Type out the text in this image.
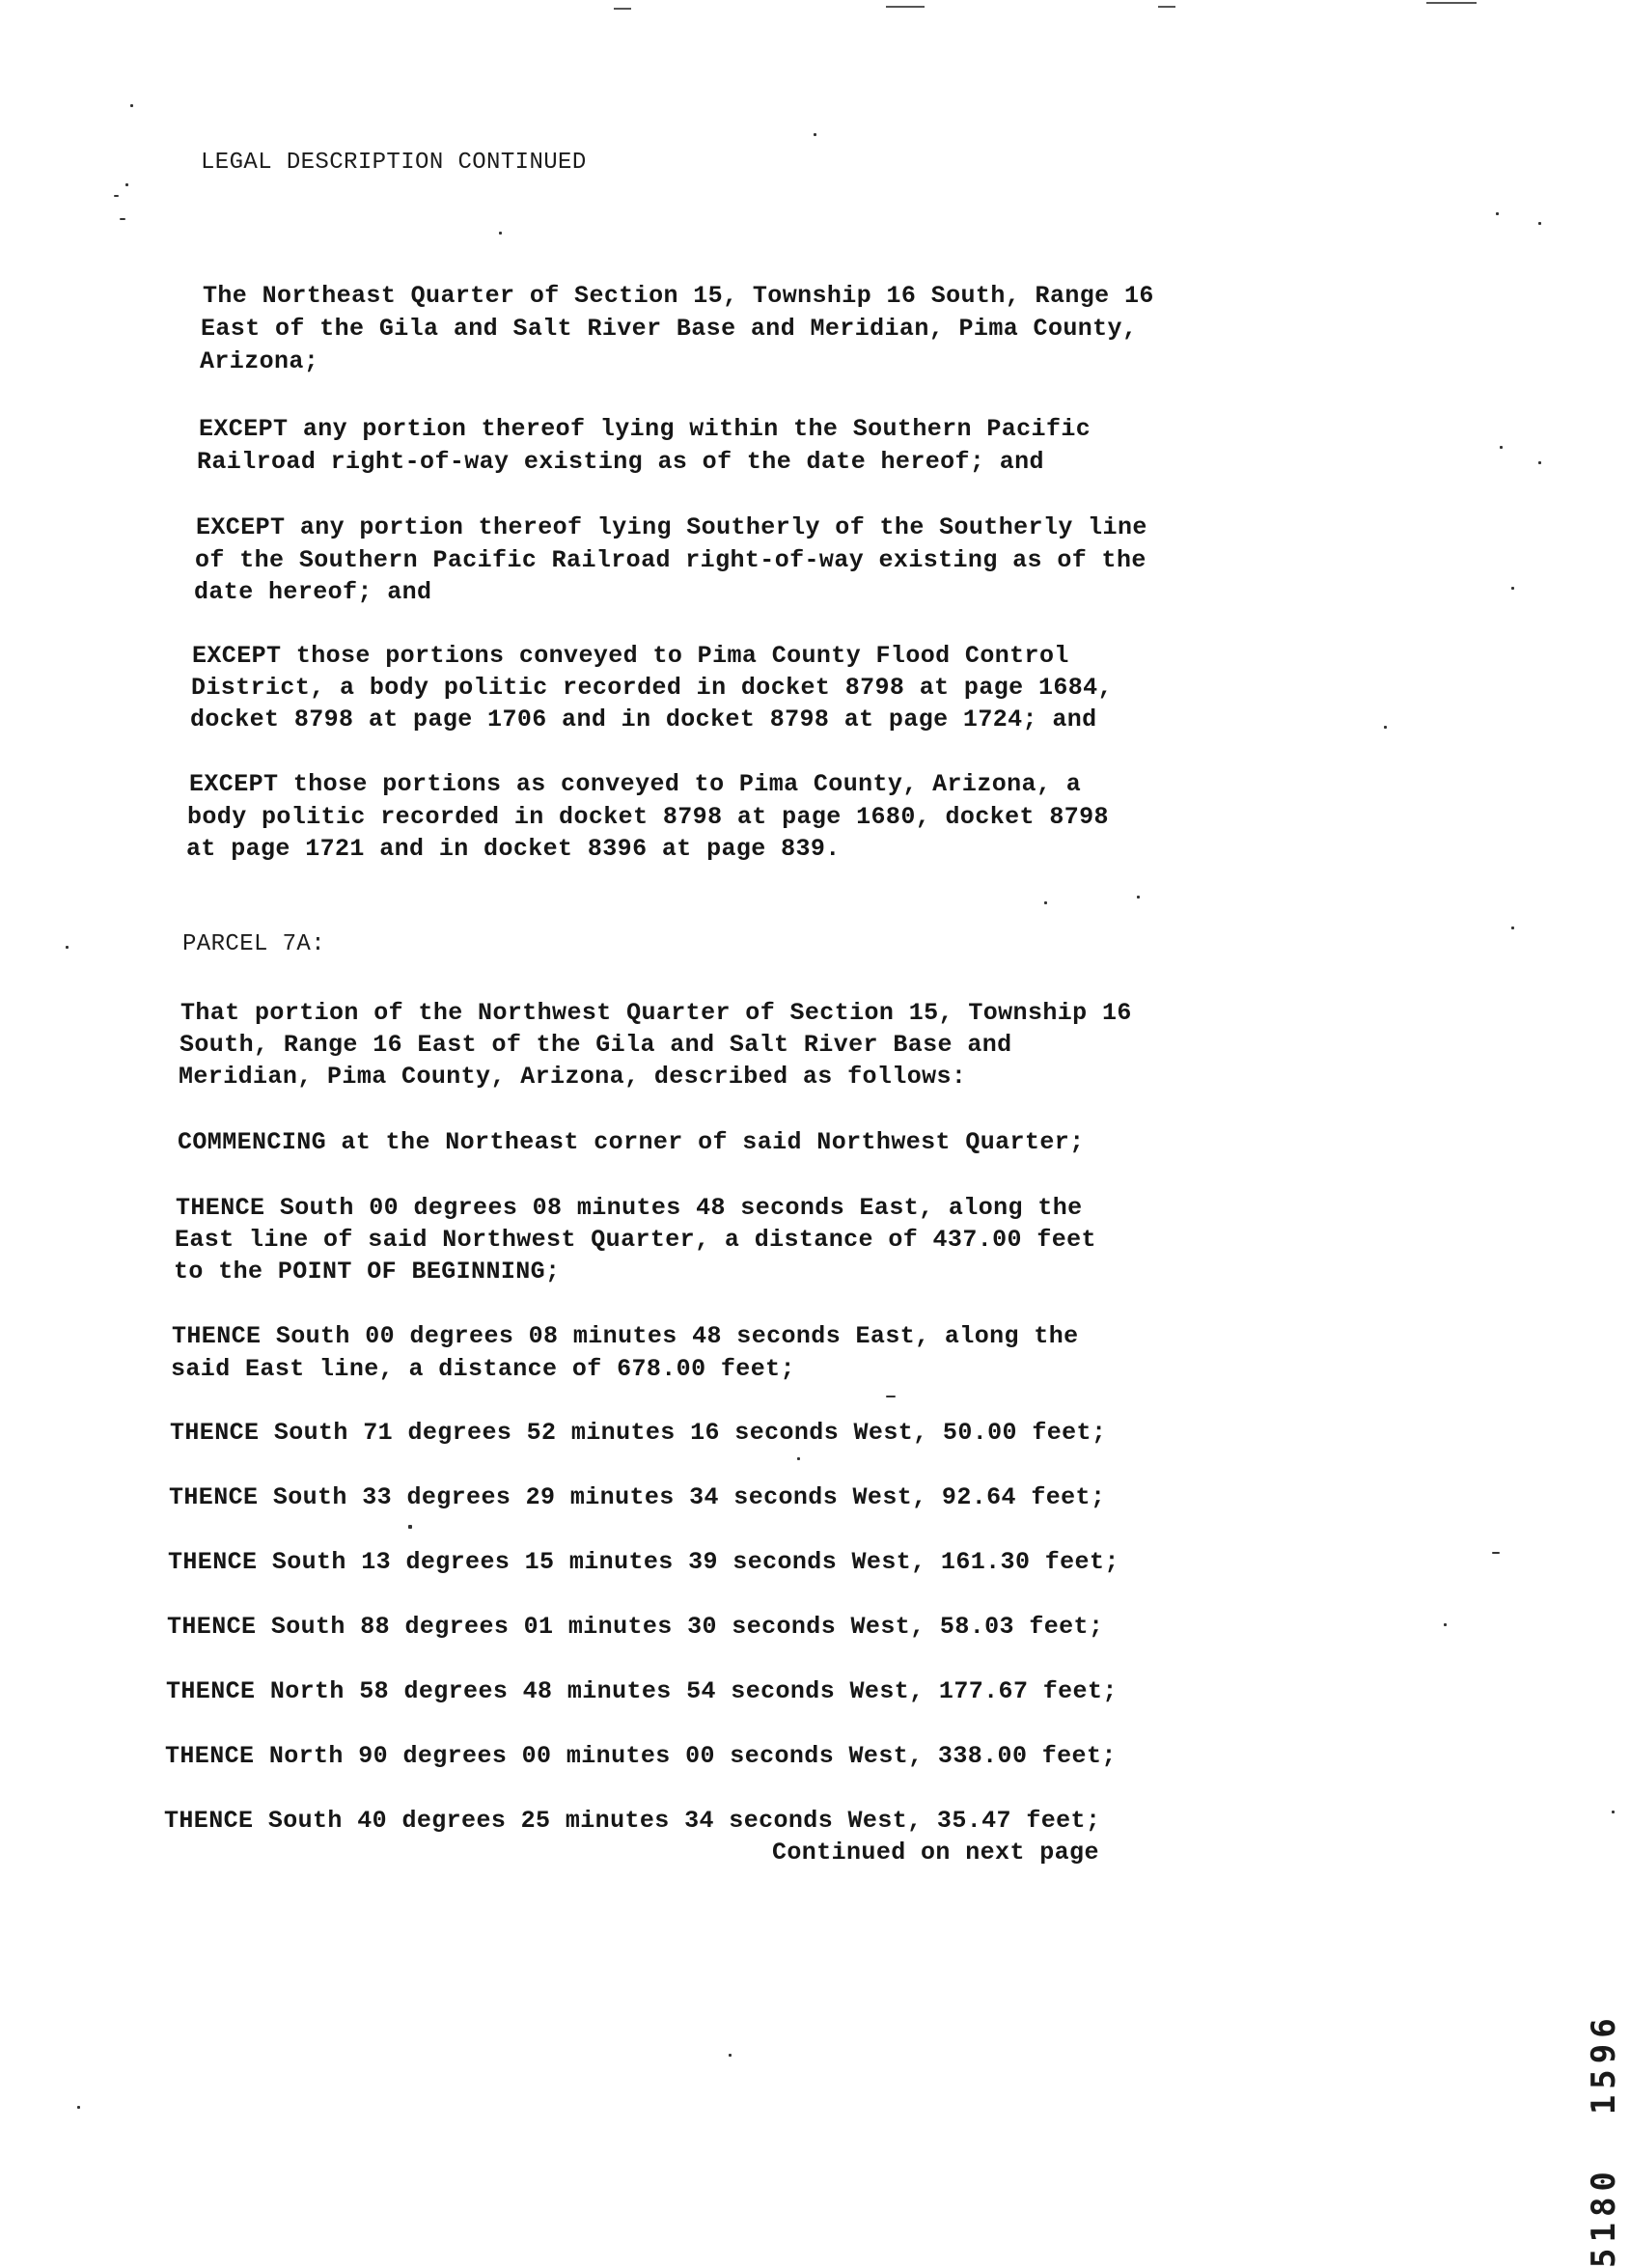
LEGAL DESCRIPTION CONTINUED
The Northeast Quarter of Section 15, Township 16 South, Range 16
East of the Gila and Salt River Base and Meridian, Pima County,
Arizona;
EXCEPT any portion thereof lying within the Southern Pacific
Railroad right-of-way existing as of the date hereof; and
EXCEPT any portion thereof lying Southerly of the Southerly line
of the Southern Pacific Railroad right-of-way existing as of the
date hereof; and
EXCEPT those portions conveyed to Pima County Flood Control
District, a body politic recorded in docket 8798 at page 1684,
docket 8798 at page 1706 and in docket 8798 at page 1724; and
EXCEPT those portions as conveyed to Pima County, Arizona, a
body politic recorded in docket 8798 at page 1680, docket 8798
at page 1721 and in docket 8396 at page 839.
PARCEL 7A:
That portion of the Northwest Quarter of Section 15, Township 16
South, Range 16 East of the Gila and Salt River Base and
Meridian, Pima County, Arizona, described as follows:
COMMENCING at the Northeast corner of said Northwest Quarter;
THENCE South 00 degrees 08 minutes 48 seconds East, along the
East line of said Northwest Quarter, a distance of 437.00 feet
to the POINT OF BEGINNING;
THENCE South 00 degrees 08 minutes 48 seconds East, along the
said East line, a distance of 678.00 feet;
THENCE South 71 degrees 52 minutes 16 seconds West, 50.00 feet;
THENCE South 33 degrees 29 minutes 34 seconds West, 92.64 feet;
THENCE South 13 degrees 15 minutes 39 seconds West, 161.30 feet;
THENCE South 88 degrees 01 minutes 30 seconds West, 58.03 feet;
THENCE North 58 degrees 48 minutes 54 seconds West, 177.67 feet;
THENCE North 90 degrees 00 minutes 00 seconds West, 338.00 feet;
THENCE South 40 degrees 25 minutes 34 seconds West, 35.47 feet;
Continued on next page
5180  1596
